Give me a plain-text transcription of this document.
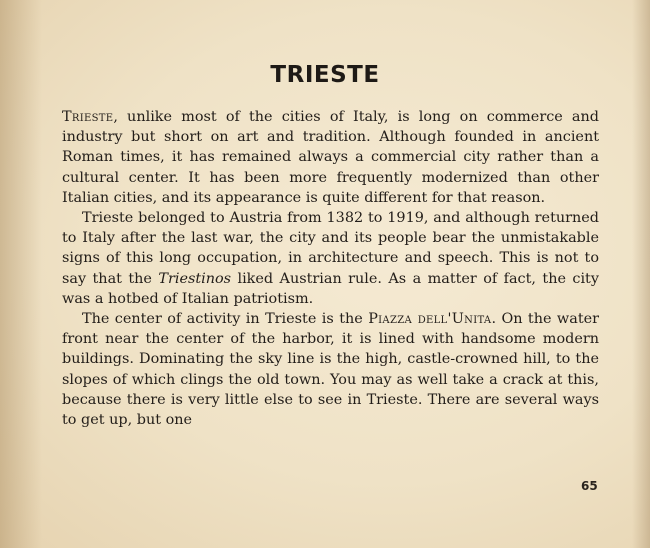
TRIESTE

Trieste, unlike most of the cities of Italy, is long on commerce and industry but short on art and tradition. Although founded in ancient Roman times, it has remained always a commercial city rather than a cultural center. It has been more frequently modernized than other Italian cities, and its appearance is quite different for that reason.

Trieste belonged to Austria from 1382 to 1919, and although returned to Italy after the last war, the city and its people bear the unmistakable signs of this long occupation, in architecture and speech. This is not to say that the Triestinos liked Austrian rule. As a matter of fact, the city was a hotbed of Italian patriotism.

The center of activity in Trieste is the Piazza dell'Unita. On the water front near the center of the harbor, it is lined with handsome modern buildings. Dominating the sky line is the high, castle-crowned hill, to the slopes of which clings the old town. You may as well take a crack at this, because there is very little else to see in Trieste. There are several ways to get up, but one

65
